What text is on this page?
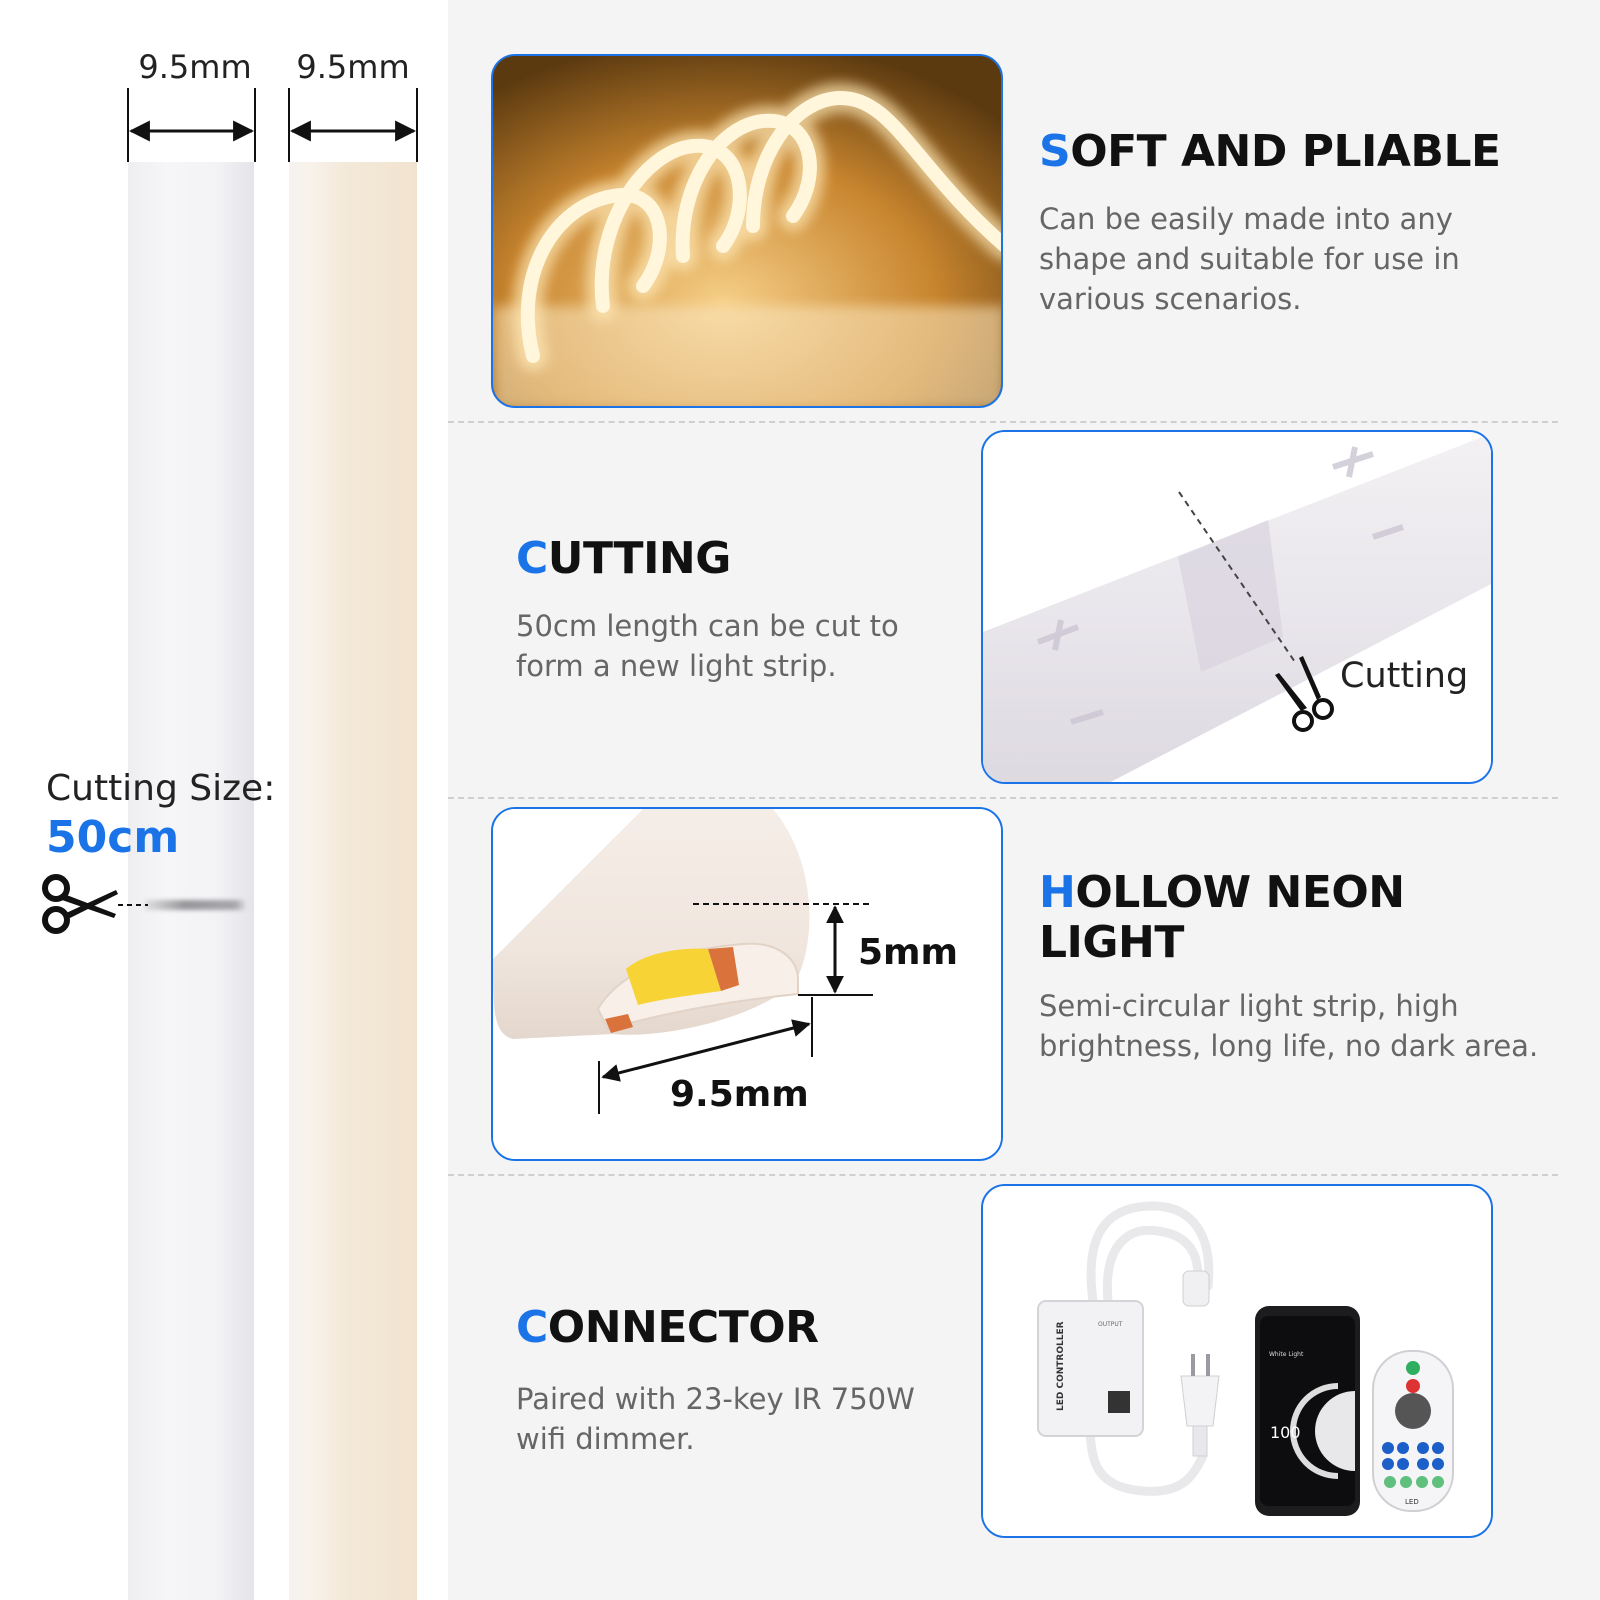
9.5mm 9.5mm
Cutting Size:
50cm
SOFT AND PLIABLE
Can be easily made into any shape and suitable for use in various scenarios.
CUTTING
50cm length can be cut to form a new light strip.	Cutting
5mm
9.5mm
HOLLOW NEON LIGHT
Semi-circular light strip, high brightness, long life, no dark area.
CONNECTOR
Paired with 23-key IR 750W wifi dimmer.
OUTPUT
LED CONTROLLER	White Light
100
LED
